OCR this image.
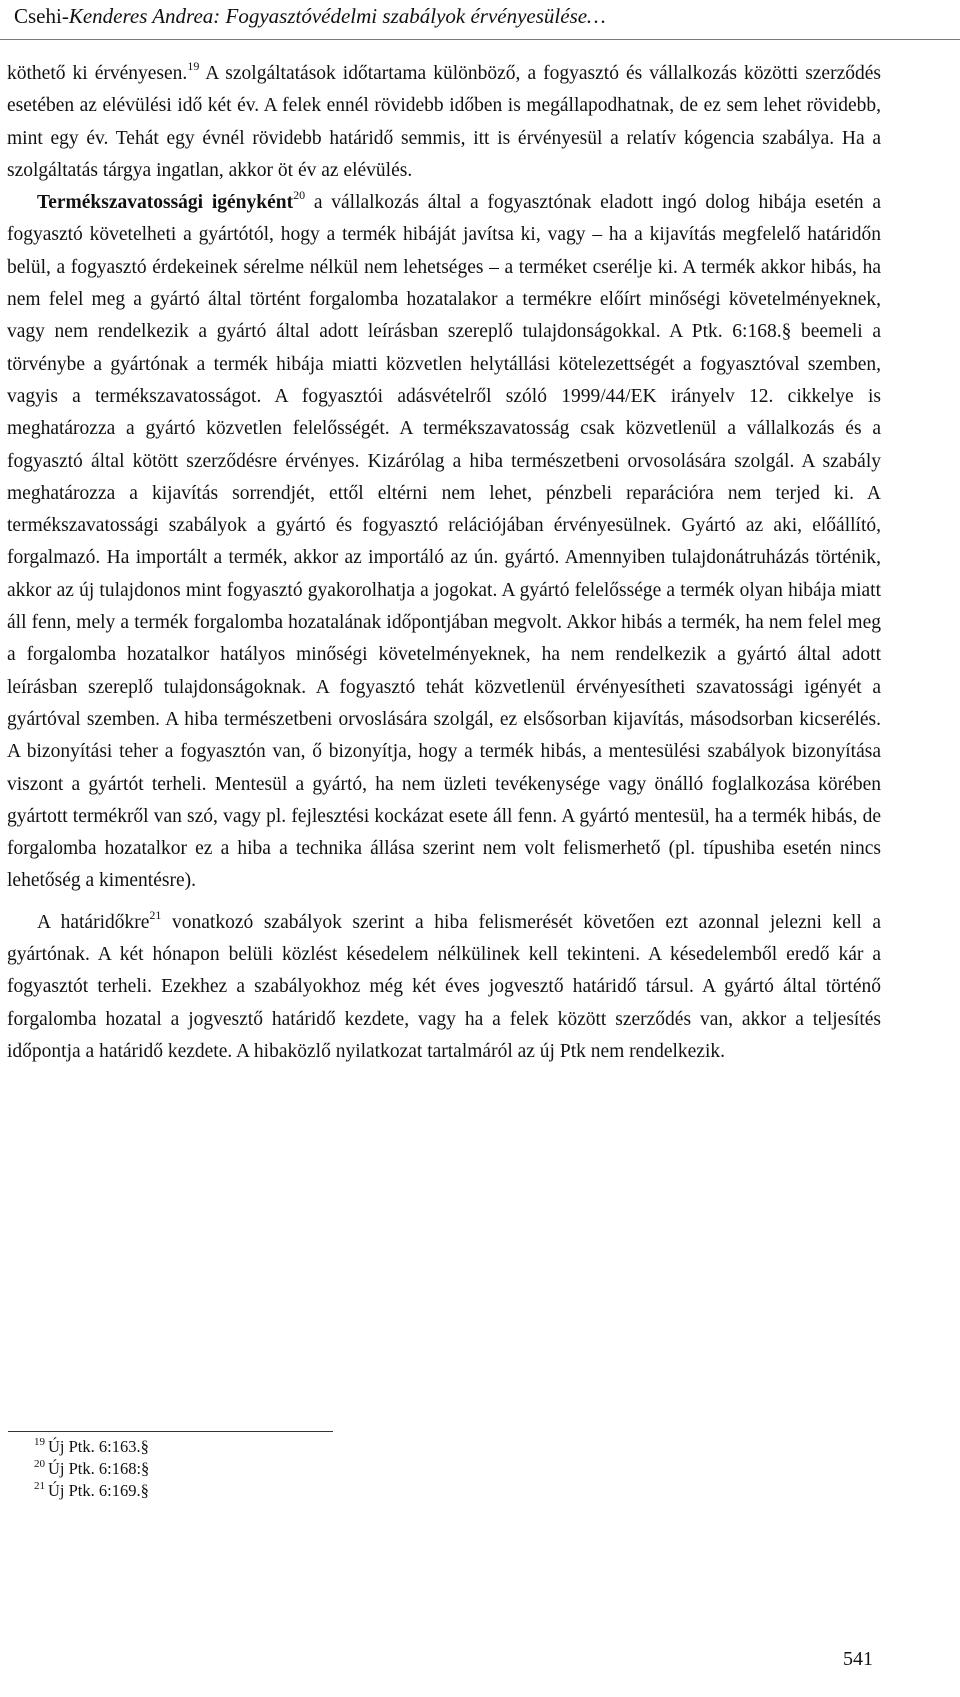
Csehi-Kenderes Andrea: Fogyasztóvédelmi szabályok érvényesülése…

köthető ki érvényesen.$^{19}$ A szolgáltatások időtartama különböző, a fogyasztó és vállalkozás közötti szerződés esetében az elévülési idő két év. A felek ennél rövidebb időben is megállapodhatnak, de ez sem lehet rövidebb, mint egy év. Tehát egy évnél rövidebb határidő semmis, itt is érvényesül a relatív kógencia szabálya. Ha a szolgáltatás tárgya ingatlan, akkor öt év az elévülés.

Termékszavatossági igényként$^{20}$ a vállalkozás által a fogyasztónak eladott ingó dolog hibája esetén a fogyasztó követelheti a gyártótól, hogy a termék hibáját javítsa ki, vagy – ha a kijavítás megfelelő határidőn belül, a fogyasztó érdekeinek sérelme nélkül nem lehetséges – a terméket cserélje ki. A termék akkor hibás, ha nem felel meg a gyártó által történt forgalomba hozatalakor a termékre előírt minőségi követelményeknek, vagy nem rendelkezik a gyártó által adott leírásban szereplő tulajdonságokkal. A Ptk. 6:168.§ beemeli a törvénybe a gyártónak a termék hibája miatti közvetlen helytállási kötelezettségét a fogyasztóval szemben, vagyis a termékszavatosságot. A fogyasztói adásvételről szóló 1999/44/EK irányelv 12. cikkelye is meghatározza a gyártó közvetlen felelősségét. A termékszavatosság csak közvetlenül a vállalkozás és a fogyasztó által kötött szerződésre érvényes. Kizárólag a hiba természetbeni orvosolására szolgál. A szabály meghatározza a kijavítás sorrendjét, ettől eltérni nem lehet, pénzbeli reparációra nem terjed ki. A termékszavatossági szabályok a gyártó és fogyasztó relációjában érvényesülnek. Gyártó az aki, előállító, forgalmazó. Ha importált a termék, akkor az importáló az ún. gyártó. Amennyiben tulajdonátruházás történik, akkor az új tulajdonos mint fogyasztó gyakorolhatja a jogokat. A gyártó felelőssége a termék olyan hibája miatt áll fenn, mely a termék forgalomba hozatalának időpontjában megvolt. Akkor hibás a termék, ha nem felel meg a forgalomba hozatalkor hatályos minőségi követelményeknek, ha nem rendelkezik a gyártó által adott leírásban szereplő tulajdonságoknak. A fogyasztó tehát közvetlenül érvényesítheti szavatossági igényét a gyártóval szemben. A hiba természetbeni orvoslására szolgál, ez elsősorban kijavítás, másodsorban kicserélés. A bizonyítási teher a fogyasztón van, ő bizonyítja, hogy a termék hibás, a mentesülési szabályok bizonyítása viszont a gyártót terheli. Mentesül a gyártó, ha nem üzleti tevékenysége vagy önálló foglalkozása körében gyártott termékről van szó, vagy pl. fejlesztési kockázat esete áll fenn. A gyártó mentesül, ha a termék hibás, de forgalomba hozatalkor ez a hiba a technika állása szerint nem volt felismerhető (pl. típushiba esetén nincs lehetőség a kimentésre).

A határidőkre$^{21}$ vonatkozó szabályok szerint a hiba felismerését követően ezt azonnal jelezni kell a gyártónak. A két hónapon belüli közlést késedelem nélkülinek kell tekinteni. A késedelemből eredő kár a fogyasztót terheli. Ezekhez a szabályokhoz még két éves jogvesztő határidő társul. A gyártó által történő forgalomba hozatal a jogvesztő határidő kezdete, vagy ha a felek között szerződés van, akkor a teljesítés időpontja a határidő kezdete. A hibaközlő nyilatkozat tartalmáról az új Ptk nem rendelkezik.

$^{19}$ Új Ptk. 6:163.§
$^{20}$ Új Ptk. 6:168:§
$^{21}$ Új Ptk. 6:169.§
541
